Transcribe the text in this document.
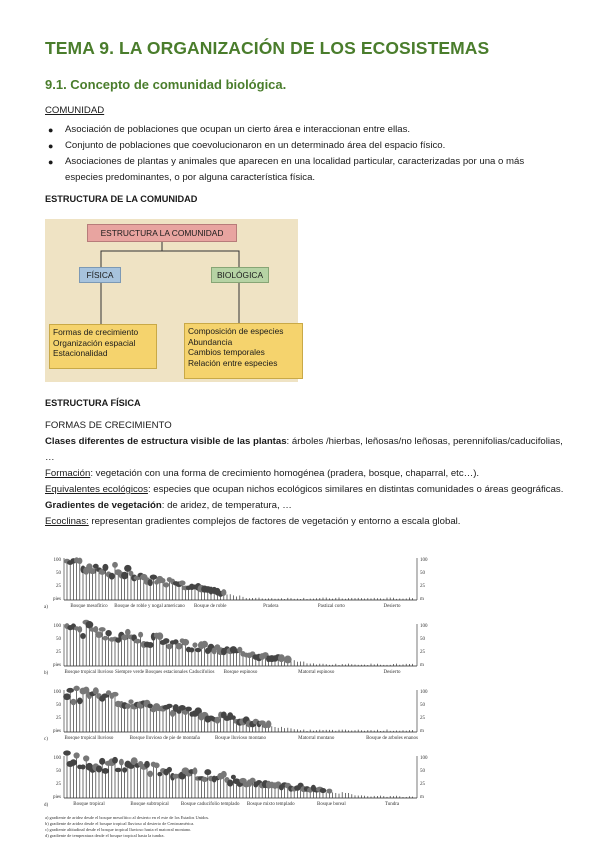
TEMA 9. LA ORGANIZACIÓN DE LOS ECOSISTEMAS
9.1. Concepto de comunidad biológica.
COMUNIDAD
● Asociación de poblaciones que ocupan un cierto área e interaccionan entre ellas.
● Conjunto de poblaciones que coevolucionaron en un determinado área del espacio físico.
● Asociaciones de plantas y animales que aparecen en una localidad particular, caracterizadas por una o más especies predominantes, o por alguna característica física.
ESTRUCTURA DE LA COMUNIDAD
ESTRUCTURA LA COMUNIDAD
FÍSICA	BIOLÓGICA
Formas de crecimiento
Organización espacial
Estacionalidad
Composición de especies
Abundancia
Cambios temporales
Relación entre especies
ESTRUCTURA FÍSICA

FORMAS DE CRECIMIENTO

Clases diferentes de estructura visible de las plantas: árboles /hierbas, leñosas/no leñosas, perennifolias/caducifolias, …

Formación: vegetación con una forma de crecimiento homogénea (pradera, bosque, chaparral, etc…).

Equivalentes ecológicos: especies que ocupan nichos ecológicos similares en distintas comunidades o áreas geográficas.

Gradientes de vegetación: de aridez, de temperatura, …

Ecoclinas: representan gradientes complejos de factores de vegetación y entorno a escala global.

100
50
25
pies
100
50
25
m
a)	Bosque mesofítico Bosque de roble y nogal americano Bosque de roble	Pradera	Pastizal corto	Desierto
100
50
25
pies
100
50
25
m
b)	Bosque tropical lluvioso Siempre verde Bosques estacionales Caducifolios Bosque espinoso	Matorral espinoso	Desierto
100
50
25
pies
100
50
25
m
c)	Bosque tropical lluvioso	Bosque lluvioso de pie de montaña	Bosque lluvioso montano	Matorral montano	Bosque de arboles enanos
100
50
25
pies
100
50
25
m
d)	Bosque tropical	Bosque subtropical Bosque caducifolio templado Bosque mixto templado	Bosque boreal	Tundra
a) gradiente de aridez desde el bosque mesofítico al desierto en el este de los Estados Unidos.
b) gradiente de aridez desde el bosque tropical lluvioso al desierto de Centroamérica.
c) gradiente altitudinal desde el bosque tropical lluvioso hasta el matorral montano.
d) gradiente de temperatura desde el bosque tropical hasta la tundra.
